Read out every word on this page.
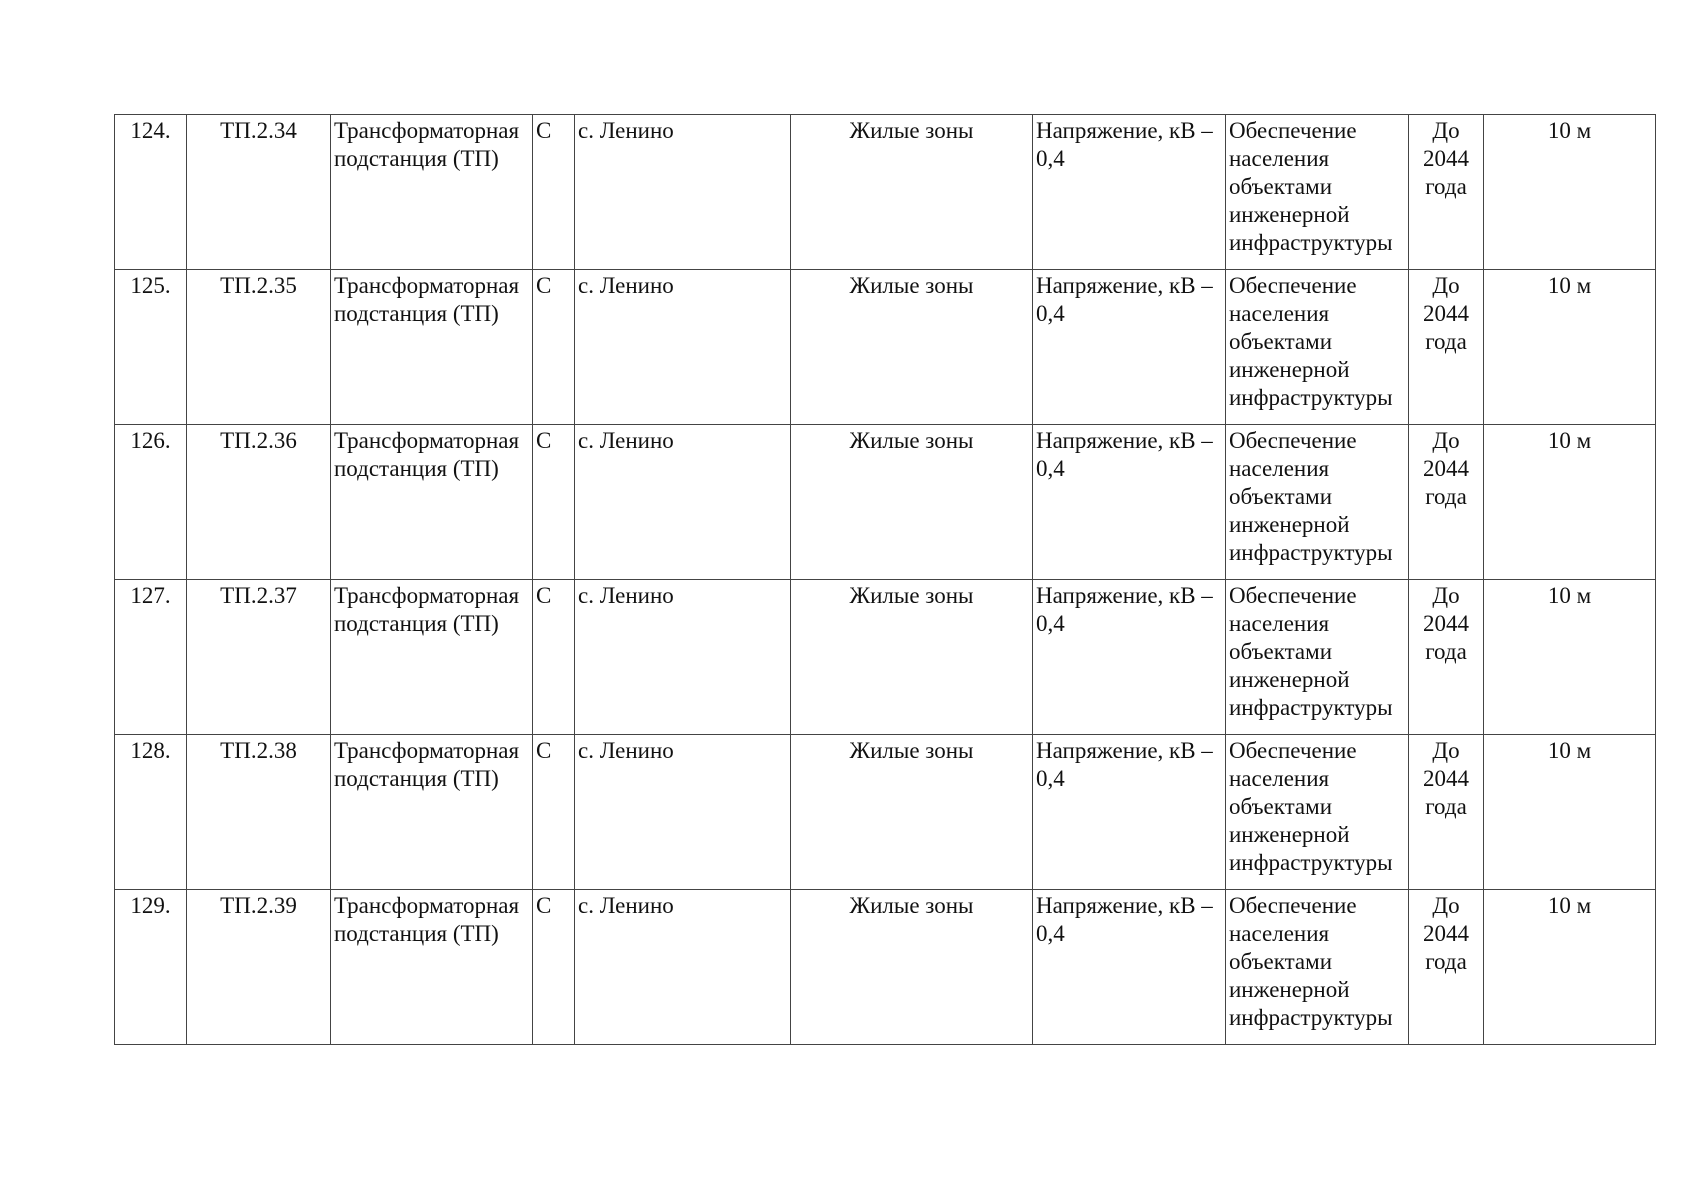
124.	ТП.2.34	Трансформаторная подстанция (ТП)	С	с. Ленино	Жилые зоны	Напряжение, кВ – 0,4	Обеспечение населения объектами инженерной инфраструктуры	До 2044 года	10 м
125.	ТП.2.35	Трансформаторная подстанция (ТП)	С	с. Ленино	Жилые зоны	Напряжение, кВ – 0,4	Обеспечение населения объектами инженерной инфраструктуры	До 2044 года	10 м
126.	ТП.2.36	Трансформаторная подстанция (ТП)	С	с. Ленино	Жилые зоны	Напряжение, кВ – 0,4	Обеспечение населения объектами инженерной инфраструктуры	До 2044 года	10 м
127.	ТП.2.37	Трансформаторная подстанция (ТП)	С	с. Ленино	Жилые зоны	Напряжение, кВ – 0,4	Обеспечение населения объектами инженерной инфраструктуры	До 2044 года	10 м
128.	ТП.2.38	Трансформаторная подстанция (ТП)	С	с. Ленино	Жилые зоны	Напряжение, кВ – 0,4	Обеспечение населения объектами инженерной инфраструктуры	До 2044 года	10 м
129.	ТП.2.39	Трансформаторная подстанция (ТП)	С	с. Ленино	Жилые зоны	Напряжение, кВ – 0,4	Обеспечение населения объектами инженерной инфраструктуры	До 2044 года	10 м
